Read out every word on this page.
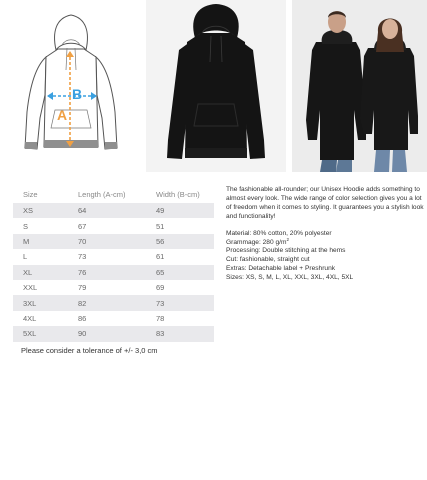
A
B
Size	Length (A-cm)	Width (B-cm)
XS	64	49
S	67	51
M	70	56
L	73	61
XL	76	65
XXL	79	69
3XL	82	73
4XL	86	78
5XL	90	83
Please consider a tolerance of +/- 3,0 cm

The fashionable all-rounder; our Unisex Hoodie adds something to almost every look. The wide range of color selection gives you a lot of freedom when it comes to styling. It guarantees you a stylish look and functionality!

Material: 80% cotton, 20% polyester

Grammage: 280 $g/m^2$

Processing: Double stitching at the hems

Cut: fashionable, straight cut

Extras: Detachable label + Preshrunk

Sizes: XS, S, M, L, XL, XXL, 3XL, 4XL, 5XL
